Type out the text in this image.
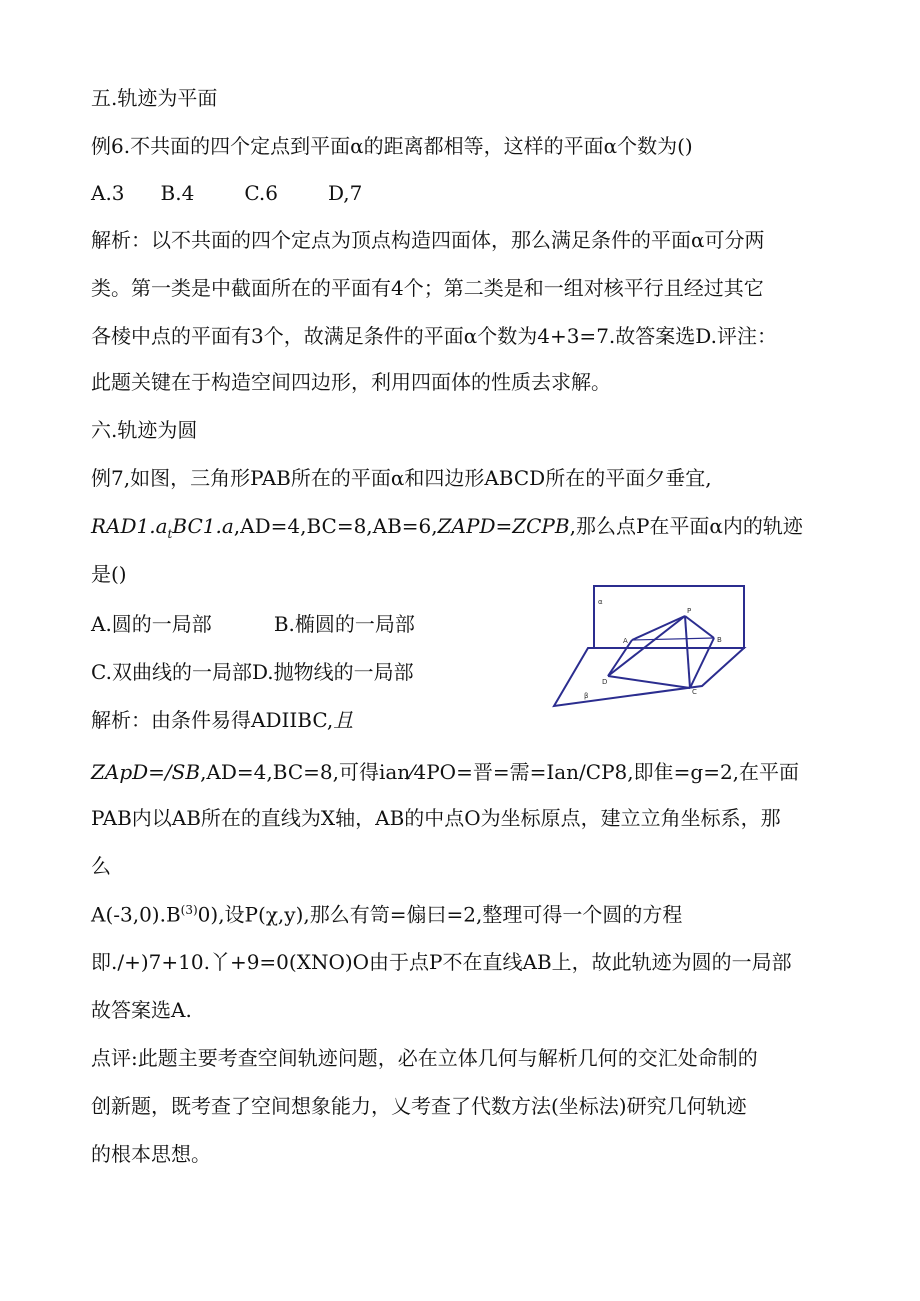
五.轨迹为平面
例6.不共面的四个定点到平面α的距离都相等，这样的平面α个数为()
A.3 B.4	C.6	D,7
解析：以不共面的四个定点为顶点构造四面体，那么满足条件的平面α可分两
类。第一类是中截面所在的平面有4个；第二类是和一组对核平行且经过其它
各棱中点的平面有3个，故满足条件的平面α个数为4+3=7.故答案选D.评注：
此题关键在于构造空间四边形，利用四面体的性质去求解。
六.轨迹为圆
例7,如图，三角形PAB所在的平面α和四边形ABCD所在的平面夕垂宜,
$RAD1.a_tBC1.a,AD=4,BC=8,AB=6,ZAPD=ZCPB$,那么点P在平面α内的轨迹
是()
A.圆的一局部	B.椭圆的一局部
C.双曲线的一局部D.抛物线的一局部
α
β
P
A	B
C
D
解析：由条件易得ADIIBC,且
ZApD=/SB,AD=4,BC=8,可得ian⁄4PO=晋=需=Ian/CP8,即隹=g=2,在平面
PAB内以AB所在的直线为X轴，AB的中点O为坐标原点，建立立角坐标系，那
么
$A(-3,0).B^{(3)}0$),设P(χ,y),那么有笥=傓曰=2,整理可得一个圆的方程
即./+)7+10.丫+9=0(XNO)O由于点P不在直线AB上，故此轨迹为圆的一局部
故答案选A.
点评:此题主要考查空间轨迹问题，必在立体几何与解析几何的交汇处命制的
创新题，既考查了空间想象能力，乂考查了代数方法(坐标法)研究几何轨迹
的根本思想。
